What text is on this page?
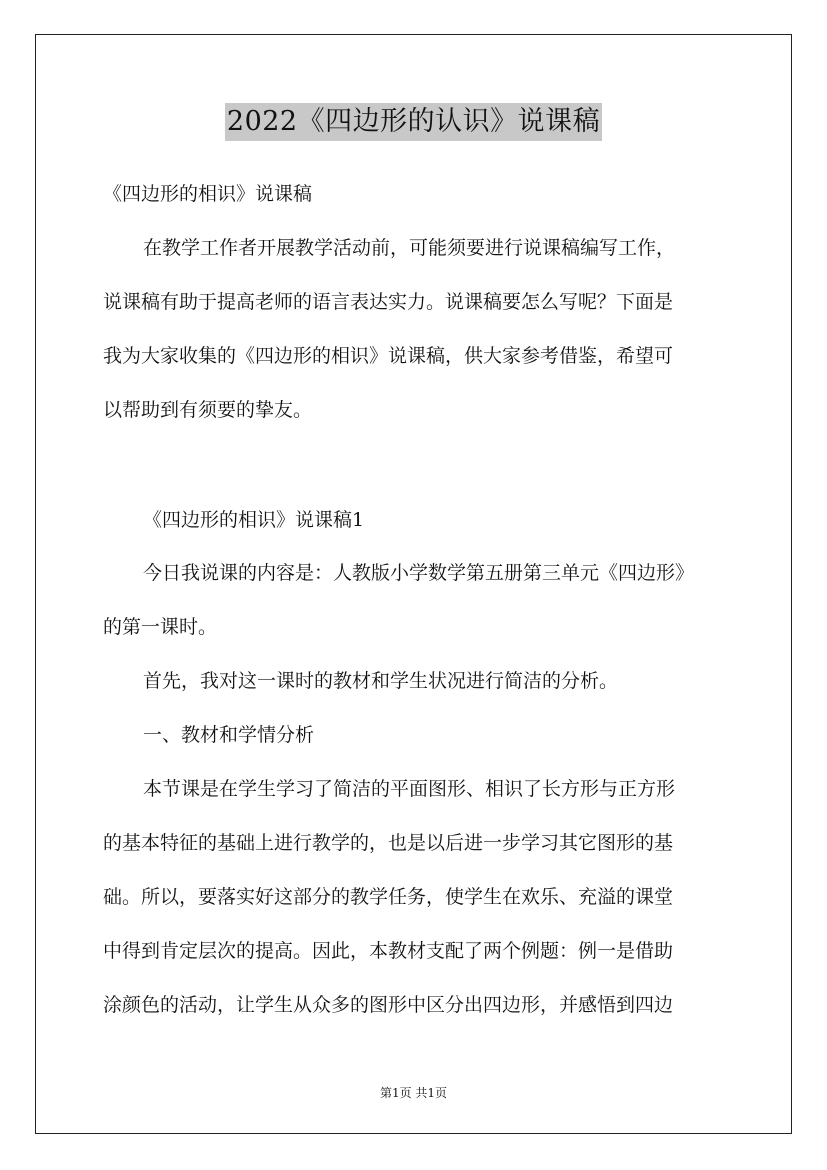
2022《四边形的认识》说课稿
《四边形的相识》说课稿
在教学工作者开展教学活动前，可能须要进行说课稿编写工作，
说课稿有助于提高老师的语言表达实力。说课稿要怎么写呢？下面是
我为大家收集的《四边形的相识》说课稿，供大家参考借鉴，希望可
以帮助到有须要的挚友。
《四边形的相识》说课稿1
今日我说课的内容是：人教版小学数学第五册第三单元《四边形》
的第一课时。
首先，我对这一课时的教材和学生状况进行简洁的分析。
一、教材和学情分析
本节课是在学生学习了简洁的平面图形、相识了长方形与正方形
的基本特征的基础上进行教学的，也是以后进一步学习其它图形的基
础。所以，要落实好这部分的教学任务，使学生在欢乐、充溢的课堂
中得到肯定层次的提高。因此，本教材支配了两个例题：例一是借助
涂颜色的活动，让学生从众多的图形中区分出四边形，并感悟到四边
第1页 共1页
